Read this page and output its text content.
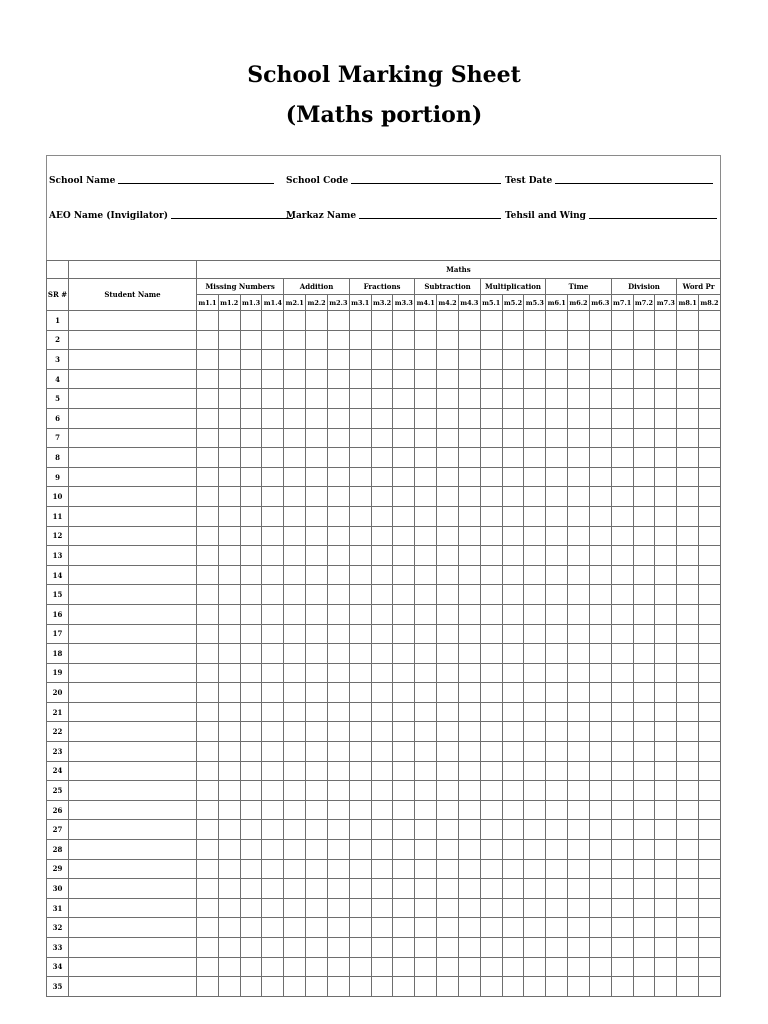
School Marking Sheet
(Maths portion)
School Name	School Code	Test Date
AEO Name (Invigilator)	Markaz Name	Tehsil and Wing
		Maths																							
SR #	Student Name	Missing Numbers				Addition			Fractions			Subtraction			Multiplication			Time			Division			Word Pr	
		m1.1	m1.2	m1.3	m1.4	m2.1	m2.2	m2.3	m3.1	m3.2	m3.3	m4.1	m4.2	m4.3	m5.1	m5.2	m5.3	m6.1	m6.2	m6.3	m7.1	m7.2	m7.3	m8.1	m8.2
1																									
2																									
3																									
4																									
5																									
6																									
7																									
8																									
9																									
10																									
11																									
12																									
13																									
14																									
15																									
16																									
17																									
18																									
19																									
20																									
21																									
22																									
23																									
24																									
25																									
26																									
27																									
28																									
29																									
30																									
31																									
32																									
33																									
34																									
35																									
